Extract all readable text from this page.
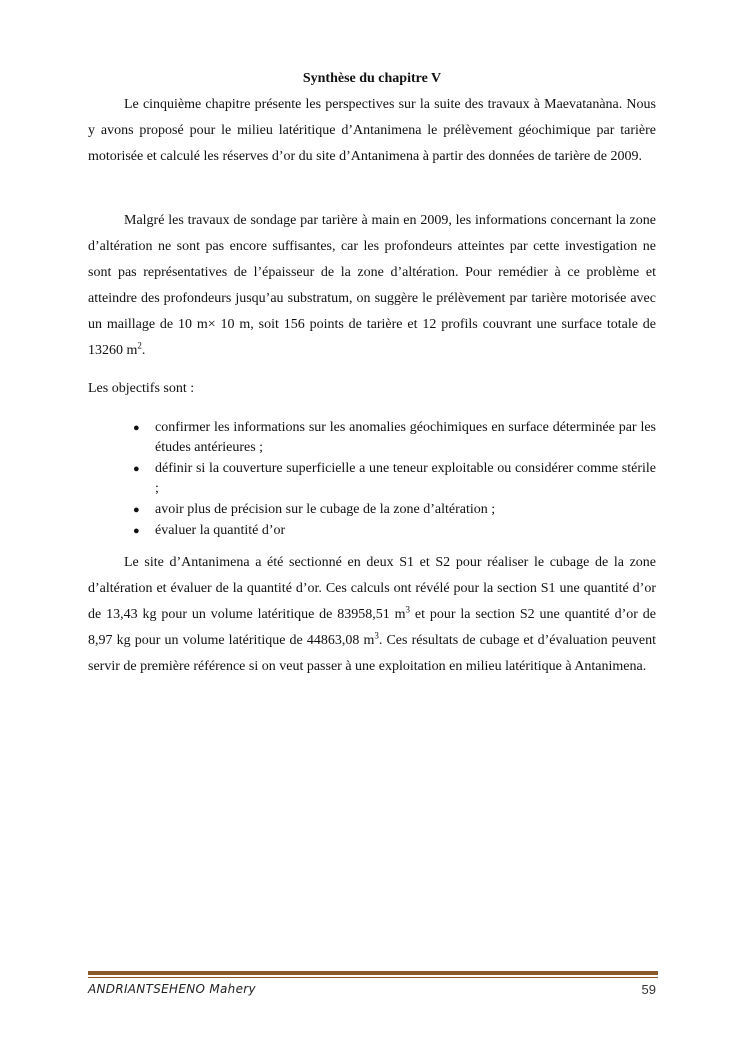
Synthèse du chapitre V

Le cinquième chapitre présente les perspectives sur la suite des travaux à Maevatanàna. Nous y avons proposé pour le milieu latéritique d’Antanimena le prélèvement géochimique par tarière motorisée et calculé les réserves d’or du site d’Antanimena à partir des données de tarière de 2009.

Malgré les travaux de sondage par tarière à main en 2009, les informations concernant la zone d’altération ne sont pas encore suffisantes, car les profondeurs atteintes par cette investigation ne sont pas représentatives de l’épaisseur de la zone d’altération. Pour remédier à ce problème et atteindre des profondeurs jusqu’au substratum, on suggère le prélèvement par tarière motorisée avec un maillage de 10 m× 10 m, soit 156 points de tarière et 12 profils couvrant une surface totale de 13260 $m^2$.

Les objectifs sont :

● confirmer les informations sur les anomalies géochimiques en surface déterminée par les études antérieures ;
● définir si la couverture superficielle a une teneur exploitable ou considérer comme stérile ;
● avoir plus de précision sur le cubage de la zone d’altération ;
● évaluer la quantité d’or

Le site d’Antanimena a été sectionné en deux S1 et S2 pour réaliser le cubage de la zone d’altération et évaluer de la quantité d’or. Ces calculs ont révélé pour la section S1 une quantité d’or de 13,43 kg pour un volume latéritique de 83958,51 $m^3$ et pour la section S2 une quantité d’or de 8,97 kg pour un volume latéritique de 44863,08 $m^3$. Ces résultats de cubage et d’évaluation peuvent servir de première référence si on veut passer à une exploitation en milieu latéritique à Antanimena.

ANDRIANTSEHENO Mahery	59
